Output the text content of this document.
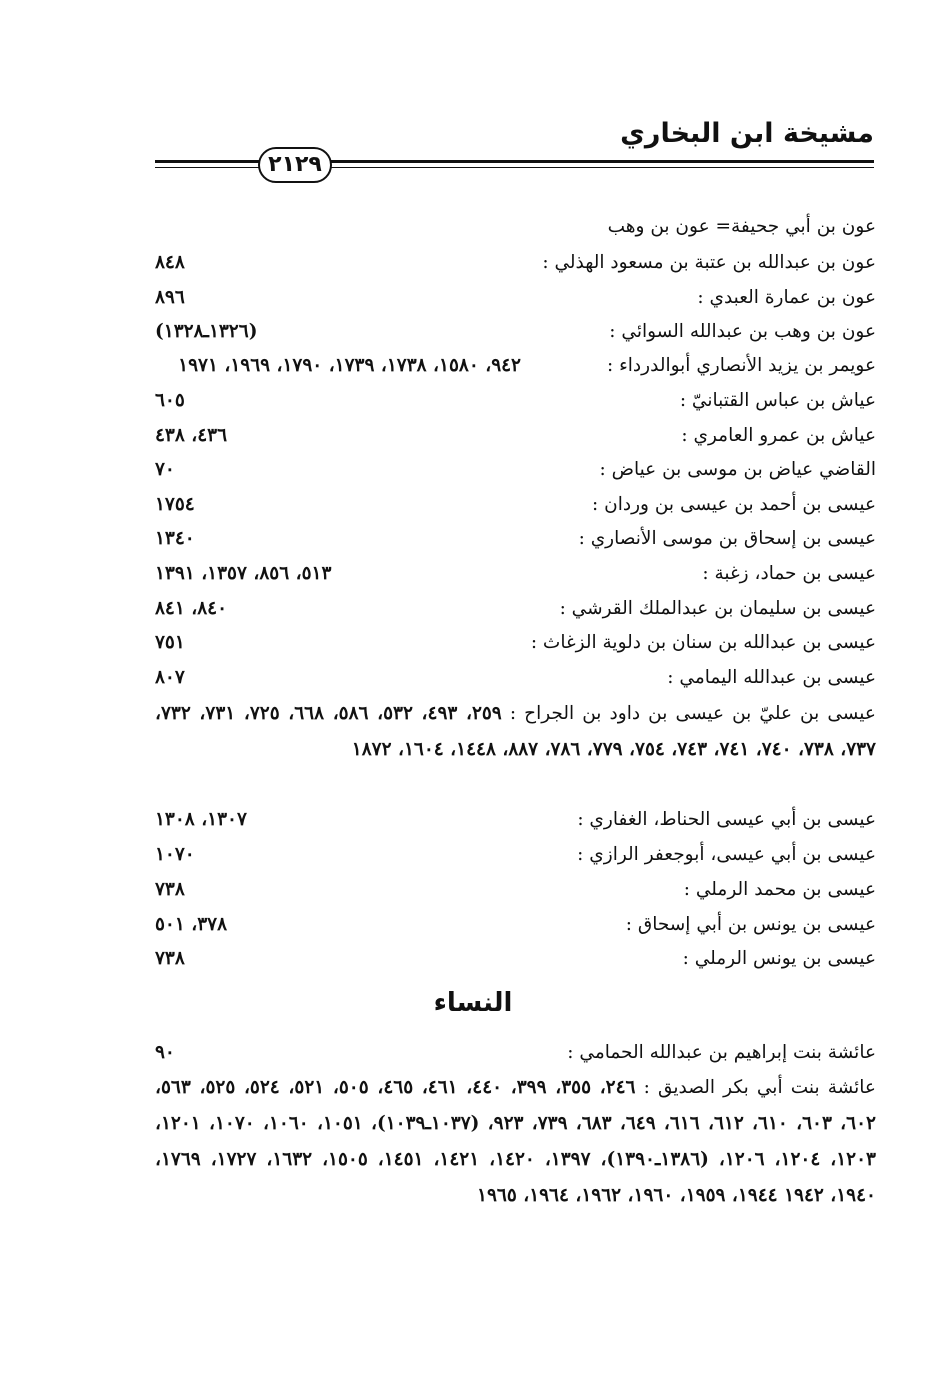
مشيخة ابن البخاري
٢١٢٩
عون بن أبي جحيفة= عون بن وهب
عون بن عبدالله بن عتبة بن مسعود الهذلي :
٨٤٨
عون بن عمارة العبدي :
٨٩٦
عون بن وهب بن عبدالله السوائي :
(١٣٢٦ـ١٣٢٨)
عويمر بن يزيد الأنصاري أبوالدرداء :
٩٤٢، ١٥٨٠، ١٧٣٨، ١٧٣٩، ١٧٩٠، ١٩٦٩، ١٩٧١
عياش بن عباس القتبانيّ :
٦٠٥
عياش بن عمرو العامري :
٤٣٦، ٤٣٨
القاضي عياض بن موسى بن عياض :
٧٠
عيسى بن أحمد بن عيسى بن وردان :
١٧٥٤
عيسى بن إسحاق بن موسى الأنصاري :
١٣٤٠
عيسى بن حماد، زغبة :
٥١٣، ٨٥٦، ١٣٥٧، ١٣٩١
عيسى بن سليمان بن عبدالملك القرشي :
٨٤٠، ٨٤١
عيسى بن عبدالله بن سنان بن دلوية الزغاث :
٧٥١
عيسى بن عبدالله اليمامي :
٨٠٧
عيسى بن عليّ بن عيسى بن داود بن الجراح : ٢٥٩، ٤٩٣، ٥٣٢، ٥٨٦، ٦٦٨، ٧٢٥، ٧٣١، ٧٣٢، ٧٣٧، ٧٣٨، ٧٤٠، ٧٤١، ٧٤٣، ٧٥٤، ٧٧٩، ٧٨٦، ٨٨٧، ١٤٤٨، ١٦٠٤، ١٨٧٢
عيسى بن أبي عيسى الحناط، الغفاري :
١٣٠٧، ١٣٠٨
عيسى بن أبي عيسى، أبوجعفر الرازي :
١٠٧٠
عيسى بن محمد الرملي :
٧٣٨
عيسى بن يونس بن أبي إسحاق :
٣٧٨، ٥٠١
عيسى بن يونس الرملي :
٧٣٨
النساء
عائشة بنت إبراهيم بن عبدالله الحمامي :
٩٠
عائشة بنت أبي بكر الصديق : ٢٤٦، ٣٥٥، ٣٩٩، ٤٤٠، ٤٦١، ٤٦٥، ٥٠٥، ٥٢١، ٥٢٤، ٥٢٥، ٥٦٣، ٦٠٢، ٦٠٣، ٦١٠، ٦١٢، ٦١٦، ٦٤٩، ٦٨٣، ٧٣٩، ٩٢٣، (١٠٣٧ـ١٠٣٩)، ١٠٥١، ١٠٦٠، ١٠٧٠، ١٢٠١، ١٢٠٣، ١٢٠٤، ١٢٠٦، (١٣٨٦ـ١٣٩٠)، ١٣٩٧، ١٤٢٠، ١٤٢١، ١٤٥١، ١٥٠٥، ١٦٣٢، ١٧٢٧، ١٧٦٩، ١٩٤٠، ١٩٤٢ ١٩٤٤، ١٩٥٩، ١٩٦٠، ١٩٦٢، ١٩٦٤، ١٩٦٥
